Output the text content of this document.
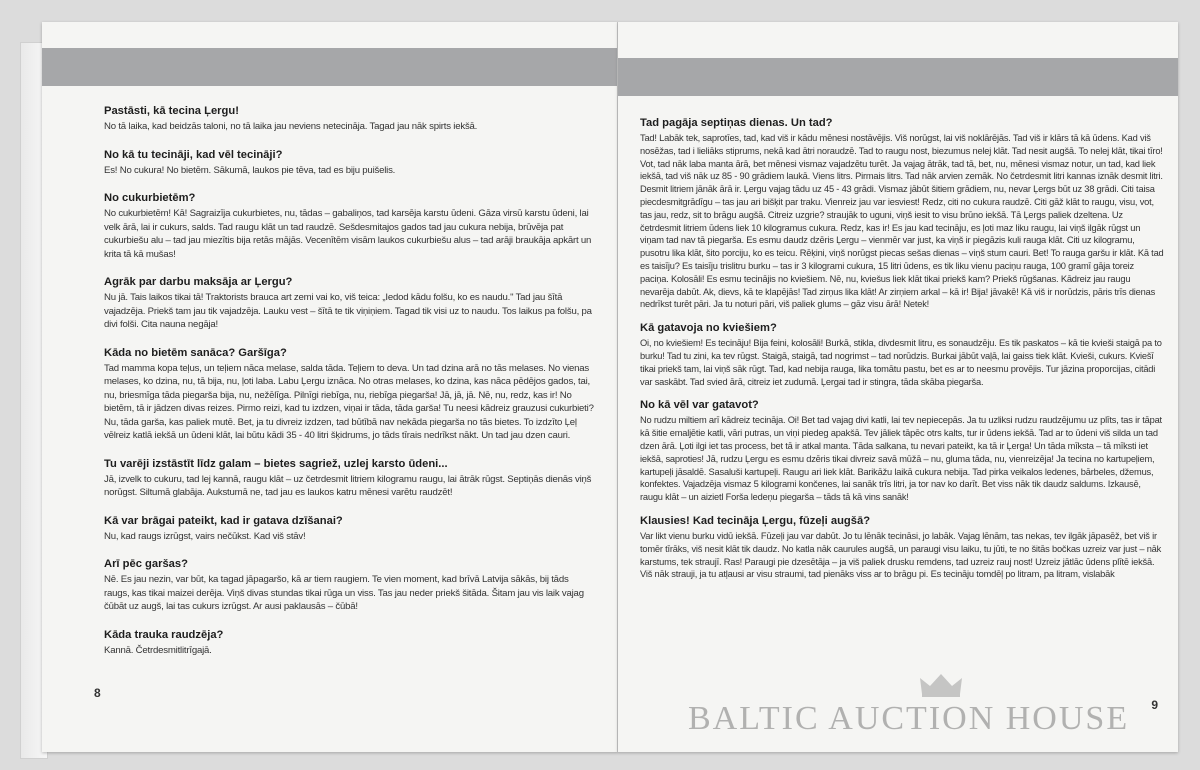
Pastāsti, kā tecina Ļergu!

No tā laika, kad beidzās taloni, no tā laika jau neviens netecināja. Tagad jau nāk spirts iekšā.

No kā tu tecināji, kad vēl tecināji?

Es! No cukura! No bietēm. Sākumā, laukos pie tēva, tad es biju puišelis.

No cukurbietēm?

No cukurbietēm! Kā! Sagraizīja cukurbietes, nu, tādas – gabaliņos, tad karsēja karstu ūdeni. Gāza virsū karstu ūdeni, lai velk ārā, lai ir cukurs, salds. Tad raugu klāt un tad raudzē. Sešdesmitajos gados tad jau cukura nebija, brūvēja pat cukurbiešu alu – tad jau miezītis bija retās mājās. Vecenītēm visām laukos cukurbiešu alus – tad arāji braukāja apkārt un krita tā kā mušas!

Agrāk par darbu maksāja ar Ļergu?

Nu jā. Tais laikos tikai tā! Traktorists brauca art zemi vai ko, viš teica: „Iedod kādu folšu, ko es naudu." Tad jau šītā vajadzēja. Priekš tam jau tik vajadzēja. Lauku vest – šītā te tik viņiņiem. Tagad tik visi uz to naudu. Tos laikus pa folšu, pa divi folši. Cita nauna negāja!

Kāda no bietēm sanāca? Garšīga?

Tad mamma kopa teļus, un teļiem nāca melase, salda tāda. Teļiem to deva. Un tad dzina arā no tās melases. No vienas melases, ko dzina, nu, tā bija, nu, ļoti laba. Labu Ļergu iznāca. No otras melases, ko dzina, kas nāca pēdējos gados, tai, nu, briesmīga tāda piegarša bija, nu, nežēlīga. Pilnīgi riebīga, nu, riebīga piegarša! Jā, jā, jā. Nē, nu, redz, kas ir! No bietēm, tā ir jādzen divas reizes. Pirmo reizi, kad tu izdzen, viņai ir tāda, tāda garša! Tu neesi kādreiz grauzusi cukurbieti? Nu, tāda garša, kas paliek mutē. Bet, ja tu divreiz izdzen, tad būtībā nav nekāda piegarša no tās bietes. To izdzīto Ļeļ vēlreiz katlā iekšā un ūdeni klāt, lai būtu kādi 35 - 40 litri šķidrums, jo tāds tīrais nedrīkst nākt. Un tad jau dzen cauri.

Tu varēji izstāstīt līdz galam – bietes sagriež, uzlej karsto ūdeni...

Jā, izvelk to cukuru, tad lej kannā, raugu klāt – uz četrdesmit litriem kilogramu raugu, lai ātrāk rūgst. Septiņās dienās viņš norūgst. Siltumā glabāja. Aukstumā ne, tad jau es laukos katru mēnesi varētu raudzēt!

Kā var brāgai pateikt, kad ir gatava dzīšanai?

Nu, kad raugs izrūgst, vairs nečūkst. Kad viš stāv!

Arī pēc garšas?

Nē. Es jau nezin, var būt, ka tagad jāpagaršo, kā ar tiem raugiem. Te vien moment, kad brīvā Latvija sākās, bij tāds raugs, kas tikai maizei derēja. Viņš divas stundas tikai rūga un viss. Tas jau neder priekš šitāda. Šitam jau vis laik vajag čūbāt uz augš, lai tas cukurs izrūgst. Ar ausi paklausās – čūbā!

Kāda trauka raudzēja?

Kannā. Četrdesmitlitrīgajā.

8

Tad pagāja septiņas dienas. Un tad?

Tad! Labāk tek, saprotīes, tad, kad viš ir kādu mēnesi nostāvējis. Viš norūgst, lai viš noklārējās. Tad viš ir klārs tā kā ūdens. Kad viš nosēžas, tad i lieliāks stiprums, nekā kad ātri noraudzē. Tad to raugu nost, biezumus nelej klāt. Tad nesit augšā. To nelej klāt, tikai tīro! Vot, tad nāk laba manta ārā, bet mēnesi vismaz vajadzētu turēt. Ja vajag ātrāk, tad tā, bet, nu, mēnesi vismaz notur, un tad, kad liek iekšā, tad viš nāk uz 85 - 90 grādiem laukā. Viens litrs. Pirmais litrs. Tad nāk arvien zemāk. No četrdesmit litri kannas iznāk desmit litri. Desmit litriem jānāk ārā ir. Ļergu vajag tādu uz 45 - 43 grādi. Vismaz jābūt šitiem grādiem, nu, nevar Ļergs būt uz 38 grādi. Citi taisa piecdesmitgrādīgu – tas jau ari bišķit par traku. Vienreiz jau var iesviest! Redz, citi no cukura raudzē. Citi gāž klāt to raugu, visu, vot, tas jau, redz, sit to brāgu augšā. Citreiz uzgrie? straujāk to uguni, viņš iesit to visu brūno iekšā. Tā Ļergs paliek dzeltena. Uz četrdesmit litriem ūdens liek 10 kilogramus cukura. Redz, kas ir! Es jau kad tecināju, es ļoti maz liku raugu, lai viņš ilgāk rūgst un viņam tad nav tā piegarša. Es esmu daudz dzēris Ļergu – vienmēr var just, ka viņš ir piegāzis kuli rauga klāt. Citi uz kilogramu, pusotru lika klāt, šito porciju, ko es teicu. Rēķini, viņš norūgst piecas sešas dienas – viņš stum cauri. Bet! To rauga garšu ir klāt. Kā tad es taisīju? Es taisīju trislitru burku – tas ir 3 kilogrami cukura, 15 litri ūdens, es tik liku vienu paciņu rauga, 100 gramī gāja toreiz paciņa. Kolosāli! Es esmu tecinājis no kviešiem. Nē, nu, kviešus liek klāt tikai priekš kam? Priekš rūgšanas. Kādreiz jau raugu nevarēja dabūt. Ak, dievs, kā te klapējās! Tad zirņus lika klāt! Ar zirņiem arkal – kā ir! Bija! jāvakē! Kā viš ir norūdzis, pāris trīs dienas nedrīkst turēt pāri. Ja tu noturi pāri, viš paliek glums – gāz visu ārā! Netek!

Kā gatavoja no kviešiem?

Oi, no kviešiem! Es tecināju! Bija feini, kolosāli! Burkā, stikla, divdesmit litru, es sonaudzēju. Es tik paskatos – kā tie kvieši staigā pa to burku! Tad tu zini, ka tev rūgst. Staigā, staigā, tad nogrimst – tad norūdzis. Burkai jābūt vaļā, lai gaiss tiek klāt. Kvieši, cukurs. Kviešī tikai priekš tam, lai viņš sāk rūgt. Tad, kad nebija rauga, lika tomātu pastu, bet es ar to neesmu provējis. Tur jāzina proporcijas, citādi var saskābt. Tad svied ārā, citreiz iet zudumā. Ļergai tad ir stingra, tāda skāba piegarša.

No kā vēl var gatavot?

No rudzu miltiem arī kādreiz tecināja. Oi! Bet tad vajag divi katli, lai tev nepiecepās. Ja tu uzliksi rudzu raudzējumu uz plīts, tas ir tāpat kā šitie emaljētie katli, vāri putras, un viņi piedeg apakšā. Tev jāliek tāpēc otrs kalts, tur ir ūdens iekšā. Tad ar to ūdeni viš silda un tad dzen ārā. Ļoti ilgi iet tas process, bet tā ir atkal manta. Tāda salkana, tu nevari pateikt, ka tā ir Ļerga! Un tāda mīksta – tā mīksti iet iekšā, saproties! Jā, rudzu Ļergu es esmu dzēris tikai divreiz savā mūžā – nu, gluma tāda, nu, vienreizēja! Ja tecina no kartupeļiem, kartupeļi jāsaldē. Sasaluši kartupeļi. Raugu ari liek klāt. Barikāžu laikā cukura nebija. Tad pirka veikalos ledenes, bārbeles, džemus, konfektes. Vajadzēja vismaz 5 kilogrami končenes, lai sanāk trīs litri, ja tor nav ko darīt. Bet viss nāk tik daudz saldums. Izkausē, raugu klāt – un aizietl Forša ledeņu piegarša – tāds tā kā vins sanāk!

Klausies! Kad tecināja Ļergu, fūzeļi augšā?

Var likt vienu burku vidū iekšā. Fūzeļi jau var dabūt. Jo tu lēnāk tecināsi, jo labāk. Vajag lēnām, tas nekas, tev ilgāk jāpasēž, bet viš ir tomēr tīrāks, viš nesit klāt tik daudz. No katla nāk caurules augšā, un paraugi visu laiku, tu jūti, te no šitās bočkas uzreiz var just – nāk karstums, tek straujī. Ras! Paraugi pie dzesētāja – ja viš paliek drusku remdens, tad uzreiz rauj nost! Uzreiz jātlāc ūdens plītē iekšā. Viš nāk strauji, ja tu atļausi ar visu straumi, tad pienāks viss ar to brāgu pi. Es tecināju tomdēļ po litram, pa litram, vislabāk

9
BALTIC AUCTION HOUSE
